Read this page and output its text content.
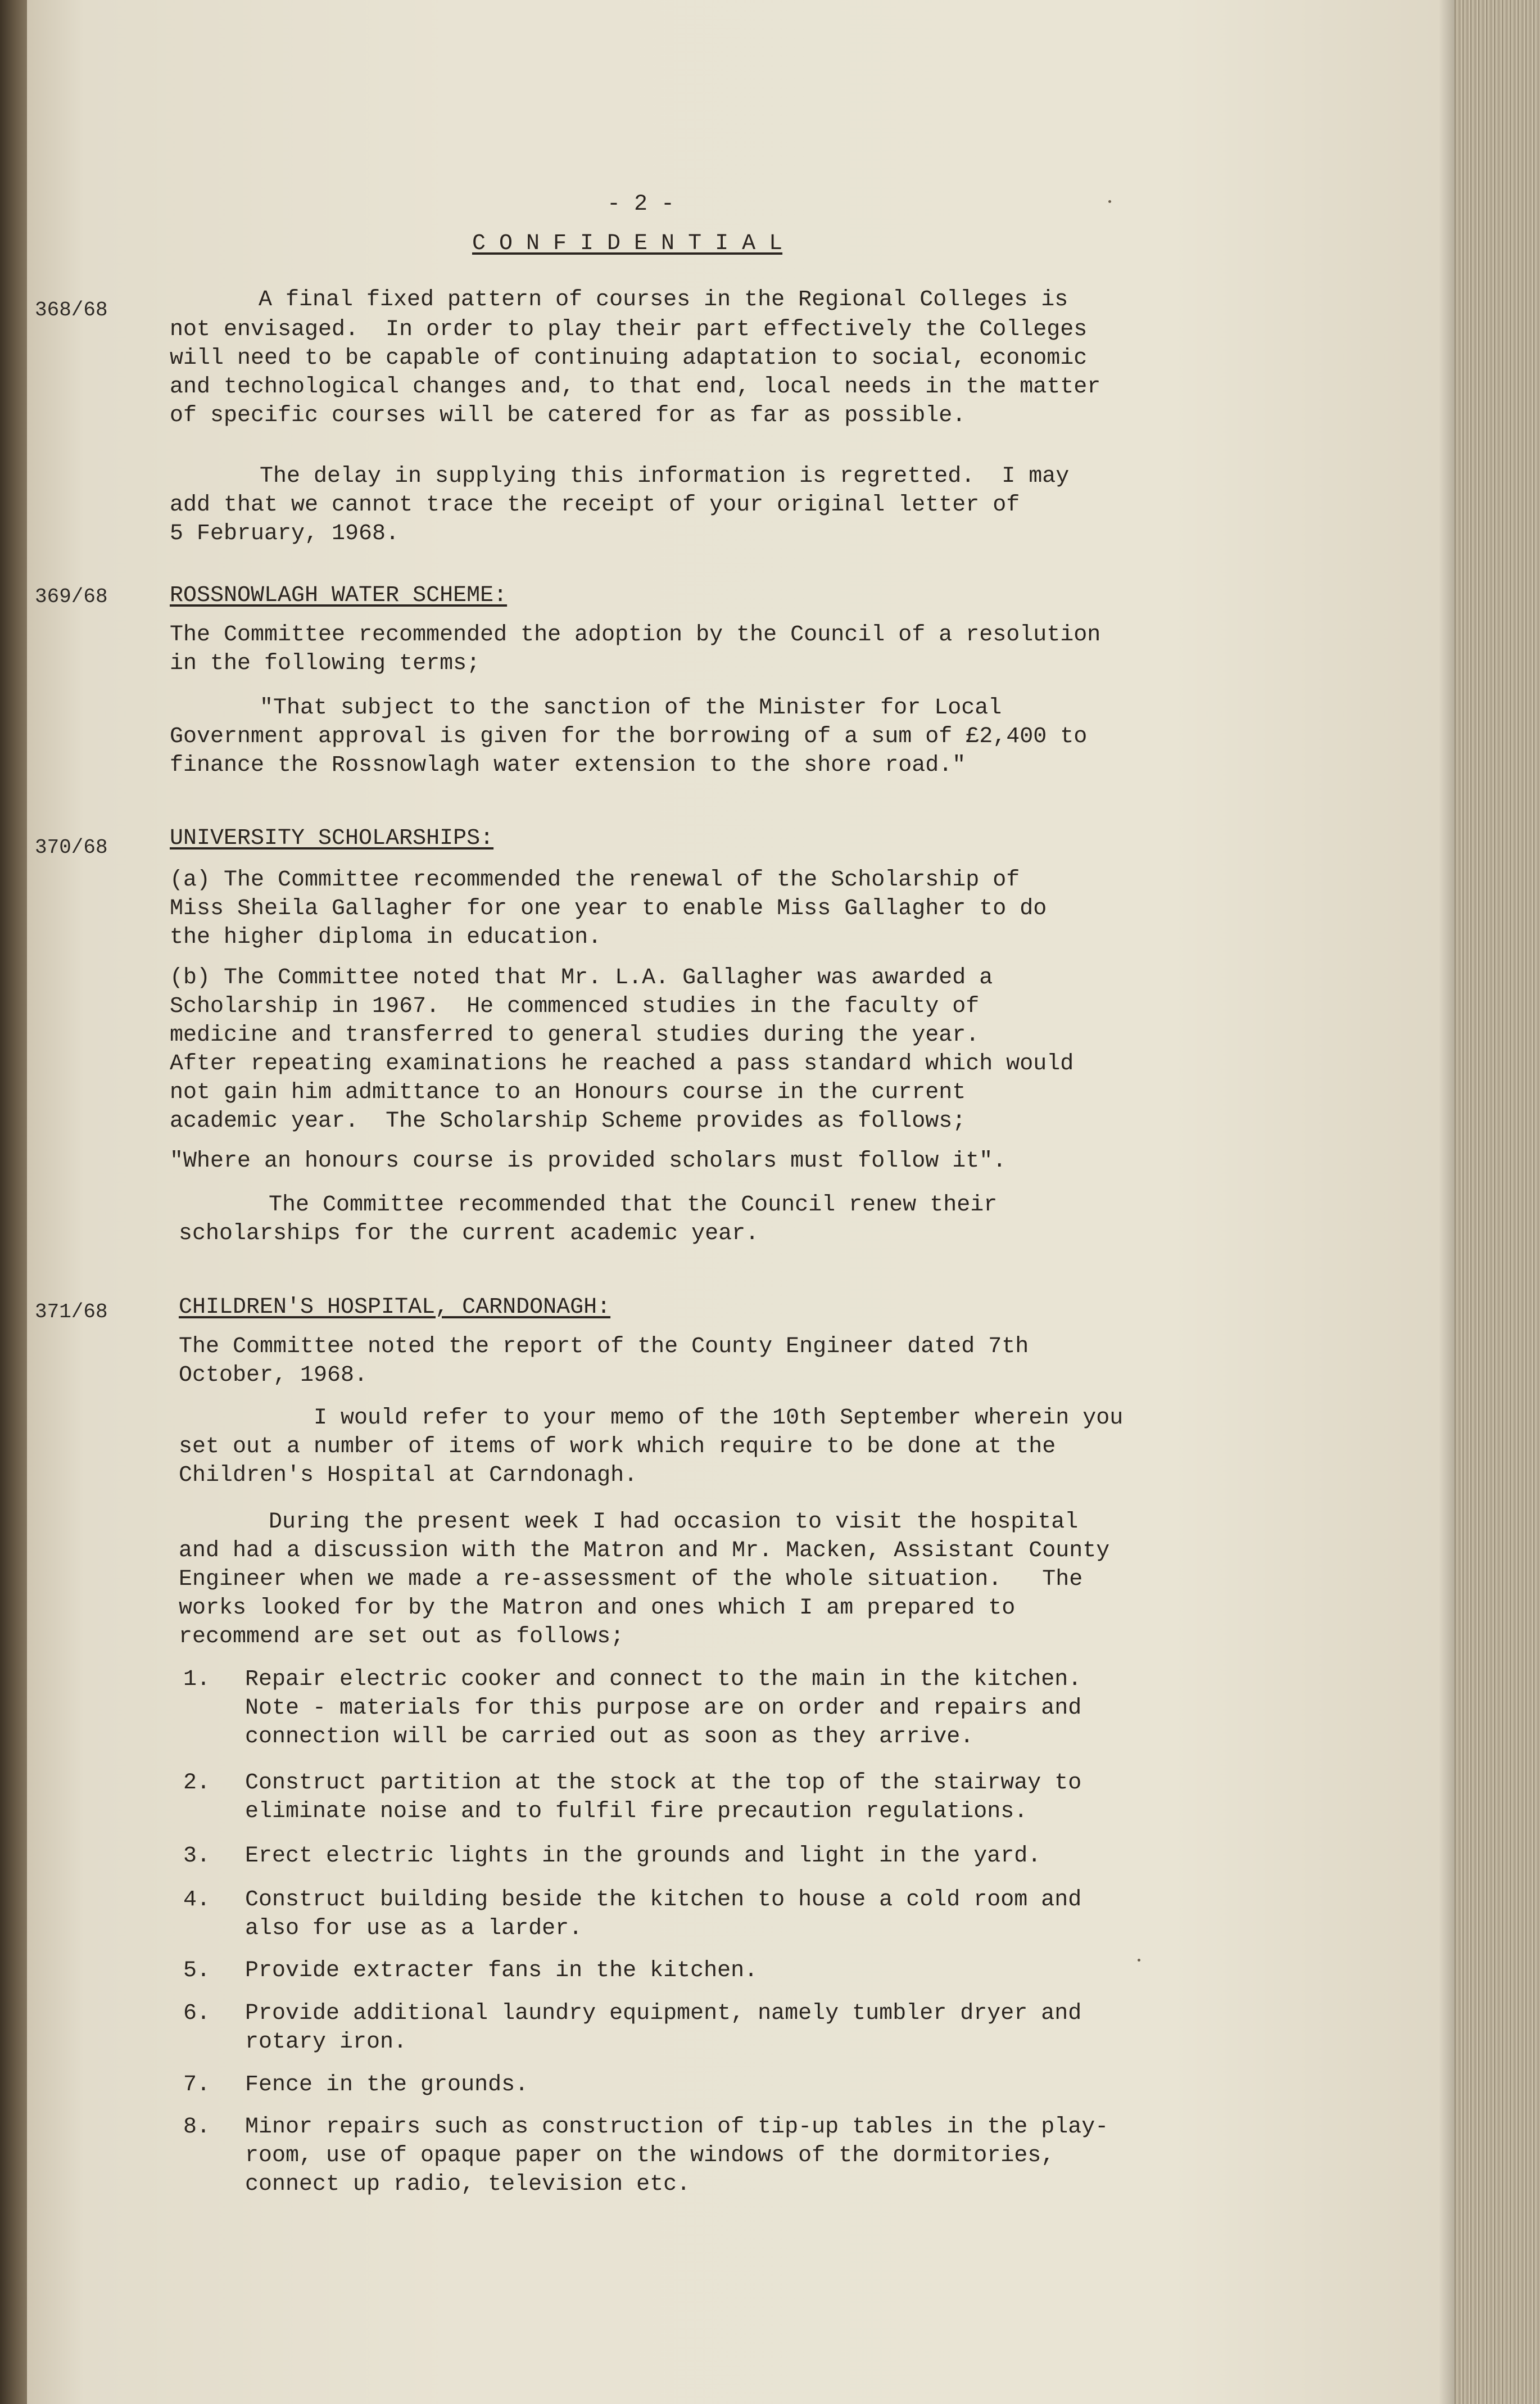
- 2 -
C O N F I D E N T I A L
368/68	A final fixed pattern of courses in the Regional Colleges is
not envisaged.  In order to play their part effectively the Colleges
will need to be capable of continuing adaptation to social, economic
and technological changes and, to that end, local needs in the matter
of specific courses will be catered for as far as possible.
The delay in supplying this information is regretted.  I may
add that we cannot trace the receipt of your original letter of
5 February, 1968.
369/68	ROSSNOWLAGH WATER SCHEME:
The Committee recommended the adoption by the Council of a resolution
in the following terms;
"That subject to the sanction of the Minister for Local
Government approval is given for the borrowing of a sum of £2,400 to
finance the Rossnowlagh water extension to the shore road."
370/68	UNIVERSITY SCHOLARSHIPS:
(a) The Committee recommended the renewal of the Scholarship of
Miss Sheila Gallagher for one year to enable Miss Gallagher to do
the higher diploma in education.
(b) The Committee noted that Mr. L.A. Gallagher was awarded a
Scholarship in 1967.  He commenced studies in the faculty of
medicine and transferred to general studies during the year.
After repeating examinations he reached a pass standard which would
not gain him admittance to an Honours course in the current
academic year.  The Scholarship Scheme provides as follows;
"Where an honours course is provided scholars must follow it".
The Committee recommended that the Council renew their
scholarships for the current academic year.
371/68	CHILDREN'S HOSPITAL, CARNDONAGH:
The Committee noted the report of the County Engineer dated 7th
October, 1968.
I would refer to your memo of the 10th September wherein you
set out a number of items of work which require to be done at the
Children's Hospital at Carndonagh.
During the present week I had occasion to visit the hospital
and had a discussion with the Matron and Mr. Macken, Assistant County
Engineer when we made a re-assessment of the whole situation.   The
works looked for by the Matron and ones which I am prepared to
recommend are set out as follows;
1. Repair electric cooker and connect to the main in the kitchen.
Note - materials for this purpose are on order and repairs and
connection will be carried out as soon as they arrive.
2. Construct partition at the stock at the top of the stairway to
eliminate noise and to fulfil fire precaution regulations.
3. Erect electric lights in the grounds and light in the yard.
4. Construct building beside the kitchen to house a cold room and
also for use as a larder.
5. Provide extracter fans in the kitchen.
6. Provide additional laundry equipment, namely tumbler dryer and
rotary iron.
7. Fence in the grounds.
8. Minor repairs such as construction of tip-up tables in the play-
room, use of opaque paper on the windows of the dormitories,
connect up radio, television etc.
